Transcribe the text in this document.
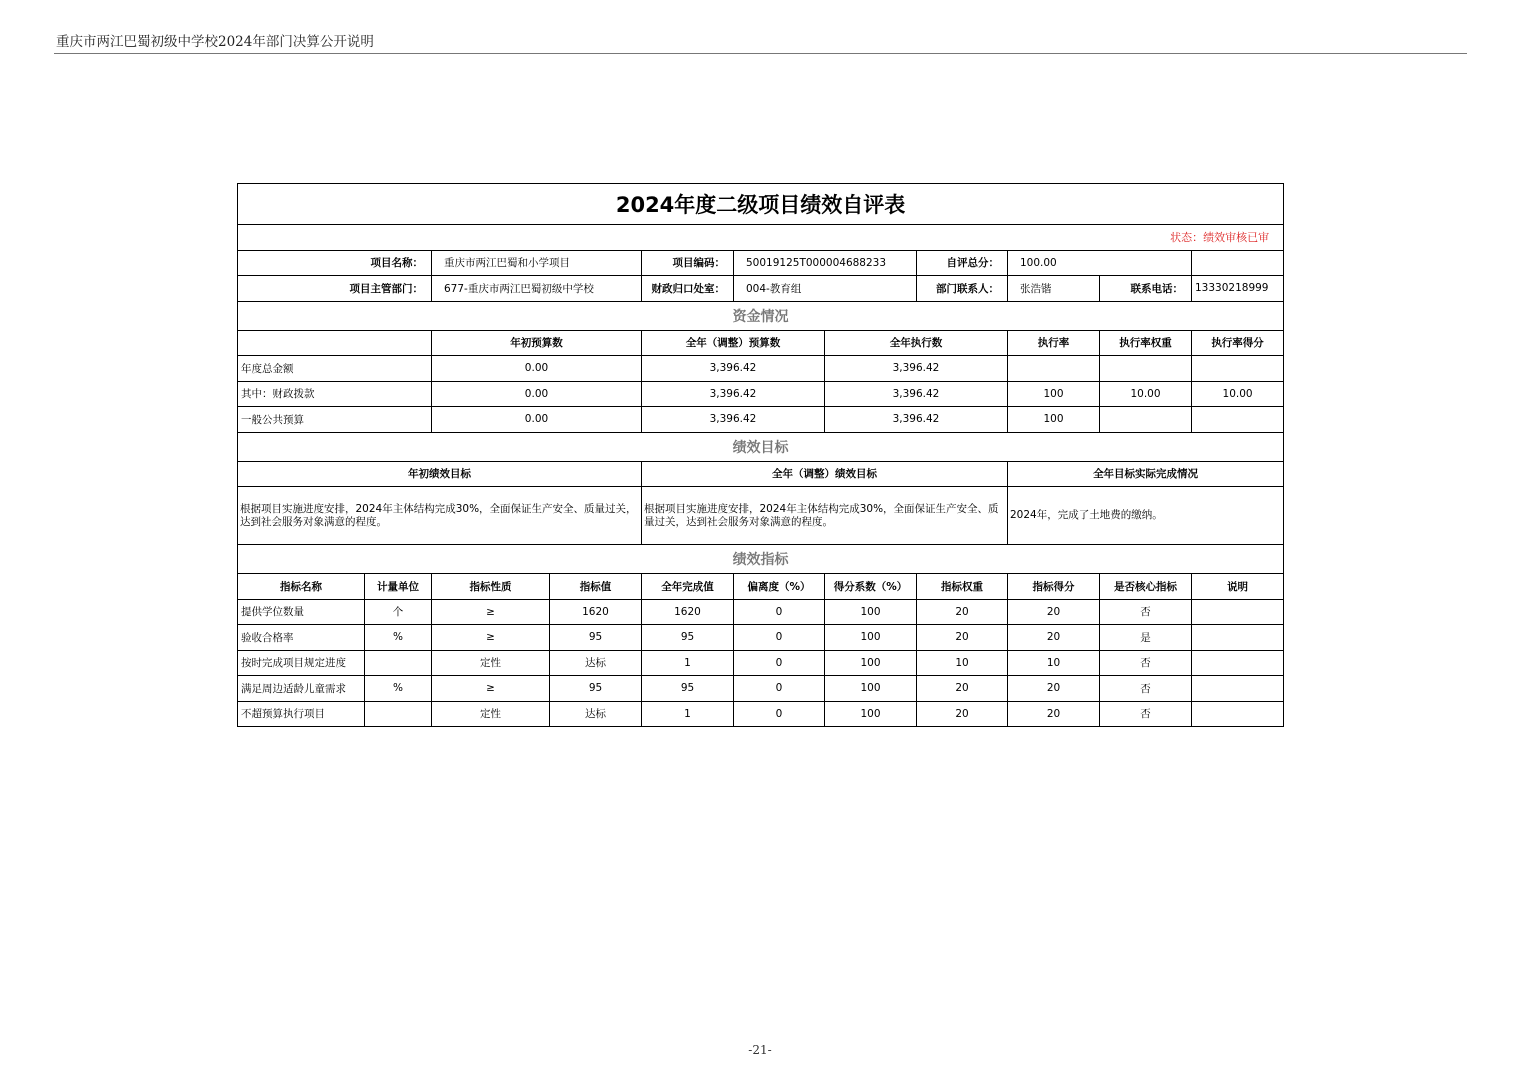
重庆市两江巴蜀初级中学校2024年部门决算公开说明
2024年度二级项目绩效自评表										
状态：绩效审核已审										
项目名称：		重庆市两江巴蜀和小学项目		项目编码：	50019125T000004688233		自评总分：	100.00		
项目主管部门：		677-重庆市两江巴蜀初级中学校		财政归口处室：	004-教育组		部门联系人：	张浩锴	联系电话：	13330218999
资金情况										
		年初预算数		全年（调整）预算数		全年执行数		执行率	执行率权重	执行率得分
年度总金额		0.00		3,396.42		3,396.42				
其中：财政拨款		0.00		3,396.42		3,396.42		100	10.00	10.00
一般公共预算		0.00		3,396.42		3,396.42		100		
绩效目标										
年初绩效目标				全年（调整）绩效目标				全年目标实际完成情况		
根据项目实施进度安排，2024年主体结构完成30%，全面保证生产安全、质量过关，达到社会服务对象满意的程度。				根据项目实施进度安排，2024年主体结构完成30%，全面保证生产安全、质量过关，达到社会服务对象满意的程度。				2024年，完成了土地费的缴纳。		
绩效指标										
指标名称	计量单位	指标性质	指标值	全年完成值	偏离度（%）	得分系数（%）	指标权重	指标得分	是否核心指标	说明
提供学位数量	个	≥	1620	1620	0	100	20	20	否	
验收合格率	%	≥	95	95	0	100	20	20	是	
按时完成项目规定进度		定性	达标	1	0	100	10	10	否	
满足周边适龄儿童需求	%	≥	95	95	0	100	20	20	否	
不超预算执行项目		定性	达标	1	0	100	20	20	否	
-21-
